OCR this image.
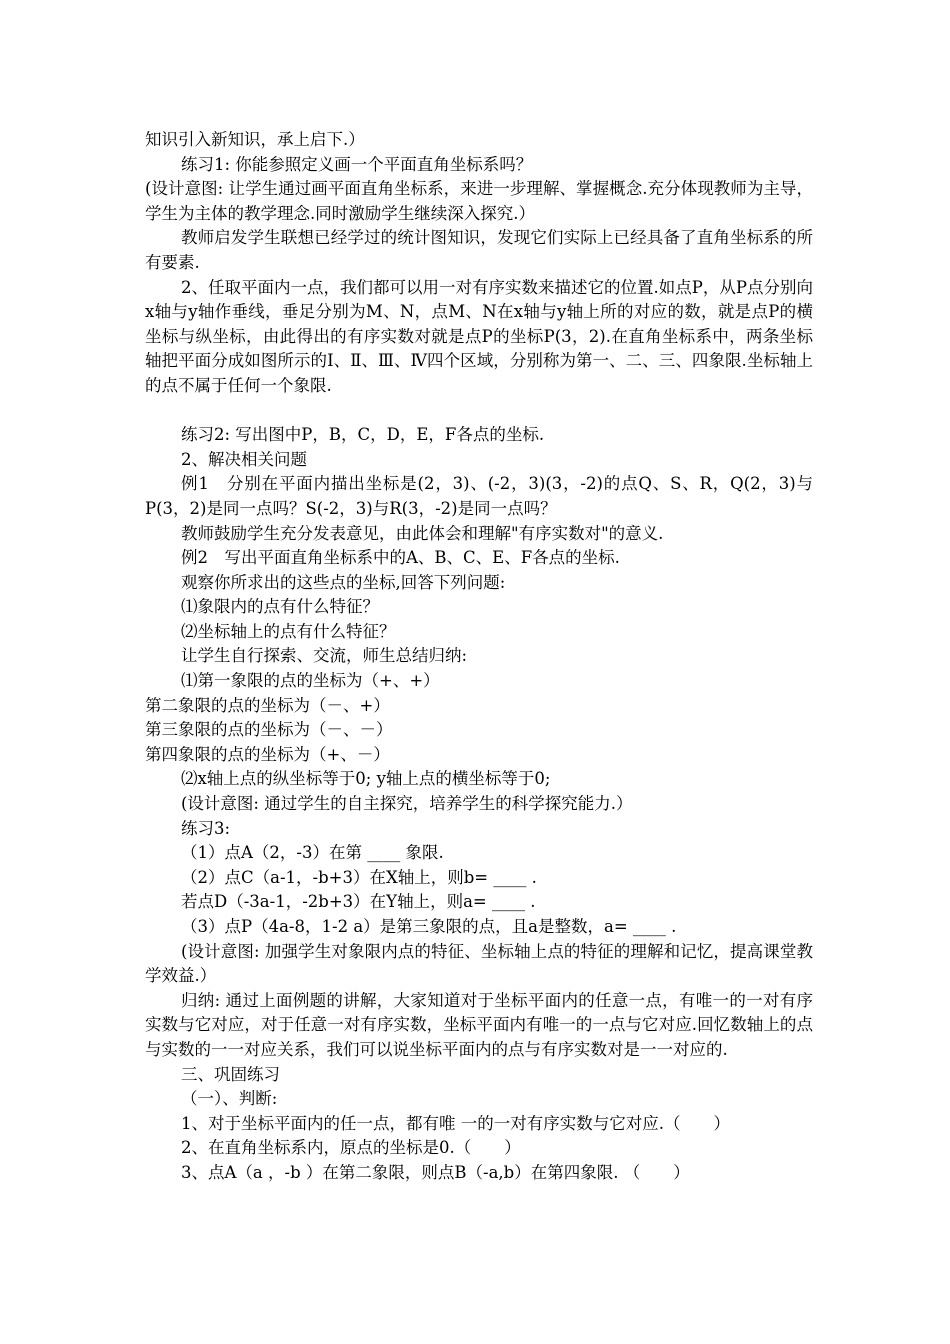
知识引入新知识，承上启下.）

练习1: 你能参照定义画一个平面直角坐标系吗？

(设计意图: 让学生通过画平面直角坐标系，来进一步理解、掌握概念.充分体现教师为主导，学生为主体的教学理念.同时激励学生继续深入探究.）

教师启发学生联想已经学过的统计图知识，发现它们实际上已经具备了直角坐标系的所有要素.

2、任取平面内一点，我们都可以用一对有序实数来描述它的位置.如点P，从P点分别向x轴与y轴作垂线，垂足分别为M、N，点M、N在x轴与y轴上所的对应的数，就是点P的横坐标与纵坐标，由此得出的有序实数对就是点P的坐标P(3，2).在直角坐标系中，两条坐标轴把平面分成如图所示的Ⅰ、Ⅱ、Ⅲ、Ⅳ四个区域，分别称为第一、二、三、四象限.坐标轴上的点不属于任何一个象限.

练习2: 写出图中P，B，C，D，E，F各点的坐标.

2、解决相关问题

例1　分别在平面内描出坐标是(2，3)、(-2，3)(3，-2)的点Q、S、R，Q(2，3)与P(3，2)是同一点吗？S(-2，3)与R(3，-2)是同一点吗？

教师鼓励学生充分发表意见，由此体会和理解"有序实数对"的意义.

例2　写出平面直角坐标系中的A、B、C、E、F各点的坐标.

观察你所求出的这些点的坐标,回答下列问题:

⑴象限内的点有什么特征？

⑵坐标轴上的点有什么特征？

让学生自行探索、交流，师生总结归纳:

⑴第一象限的点的坐标为（+、+）

第二象限的点的坐标为（－、+）

第三象限的点的坐标为（－、－）

第四象限的点的坐标为（+、－）

⑵x轴上点的纵坐标等于0; y轴上点的横坐标等于0;

(设计意图: 通过学生的自主探究，培养学生的科学探究能力.）

练习3:

（1）点A（2，-3）在第 ____ 象限.

（2）点C（a-1，-b+3）在X轴上，则b= ____ .

若点D（-3a-1，-2b+3）在Y轴上，则a= ____ .

（3）点P（4a-8，1-2 a）是第三象限的点，且a是整数，a= ____ .

(设计意图: 加强学生对象限内点的特征、坐标轴上点的特征的理解和记忆，提高课堂教学效益.）

归纳: 通过上面例题的讲解，大家知道对于坐标平面内的任意一点，有唯一的一对有序实数与它对应，对于任意一对有序实数，坐标平面内有唯一的一点与它对应.回忆数轴上的点与实数的一一对应关系，我们可以说坐标平面内的点与有序实数对是一一对应的.

三、巩固练习

（一）、判断:

1、对于坐标平面内的任一点，都有唯 一的一对有序实数与它对应.（　　）

2、在直角坐标系内，原点的坐标是0.（　　）

3、点A（a ，-b ）在第二象限，则点B（-a,b）在第四象限. （　　）
